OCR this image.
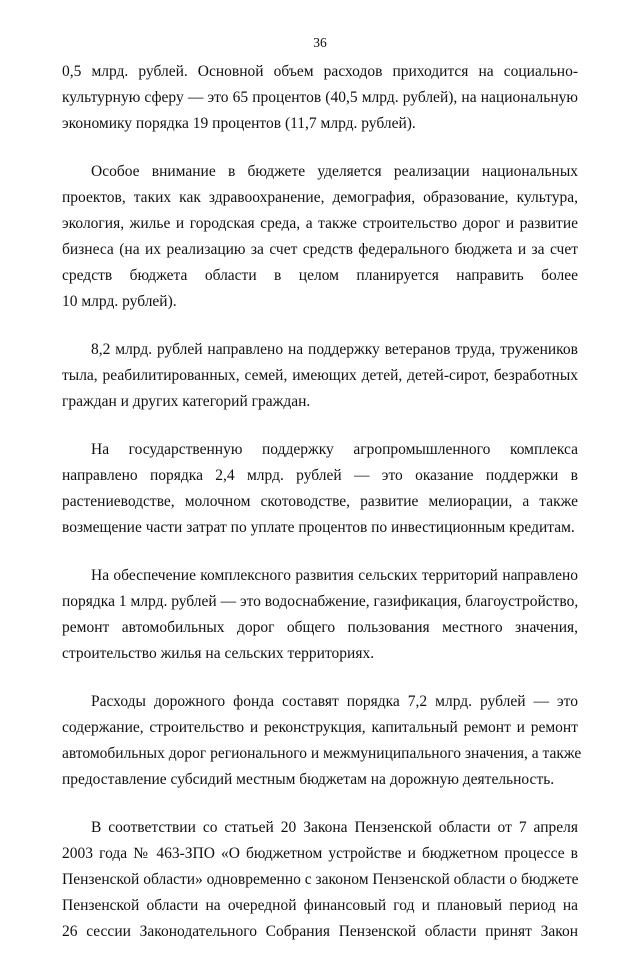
36
0,5 млрд. рублей. Основной объем расходов приходится на социально-
культурную сферу — это 65 процентов (40,5 млрд. рублей), на национальную
экономику порядка 19 процентов (11,7 млрд. рублей).
Особое внимание в бюджете уделяется реализации национальных
проектов, таких как здравоохранение, демография, образование, культура,
экология, жилье и городская среда, а также строительство дорог и развитие
бизнеса (на их реализацию за счет средств федерального бюджета и за счет
средств бюджета области в целом планируется направить более
10 млрд. рублей).
8,2 млрд. рублей направлено на поддержку ветеранов труда, тружеников
тыла, реабилитированных, семей, имеющих детей, детей-сирот, безработных
граждан и других категорий граждан.
На государственную поддержку агропромышленного комплекса
направлено порядка 2,4 млрд. рублей — это оказание поддержки в
растениеводстве, молочном скотоводстве, развитие мелиорации, а также
возмещение части затрат по уплате процентов по инвестиционным кредитам.
На обеспечение комплексного развития сельских территорий направлено
порядка 1 млрд. рублей — это водоснабжение, газификация, благоустройство,
ремонт автомобильных дорог общего пользования местного значения,
строительство жилья на сельских территориях.
Расходы дорожного фонда составят порядка 7,2 млрд. рублей — это
содержание, строительство и реконструкция, капитальный ремонт и ремонт
автомобильных дорог регионального и межмуниципального значения, а также
предоставление субсидий местным бюджетам на дорожную деятельность.
В соответствии со статьей 20 Закона Пензенской области от 7 апреля
2003 года № 463-ЗПО «О бюджетном устройстве и бюджетном процессе в
Пензенской области» одновременно с законом Пензенской области о бюджете
Пензенской области на очередной финансовый год и плановый период на
26 сессии Законодательного Собрания Пензенской области принят Закон
